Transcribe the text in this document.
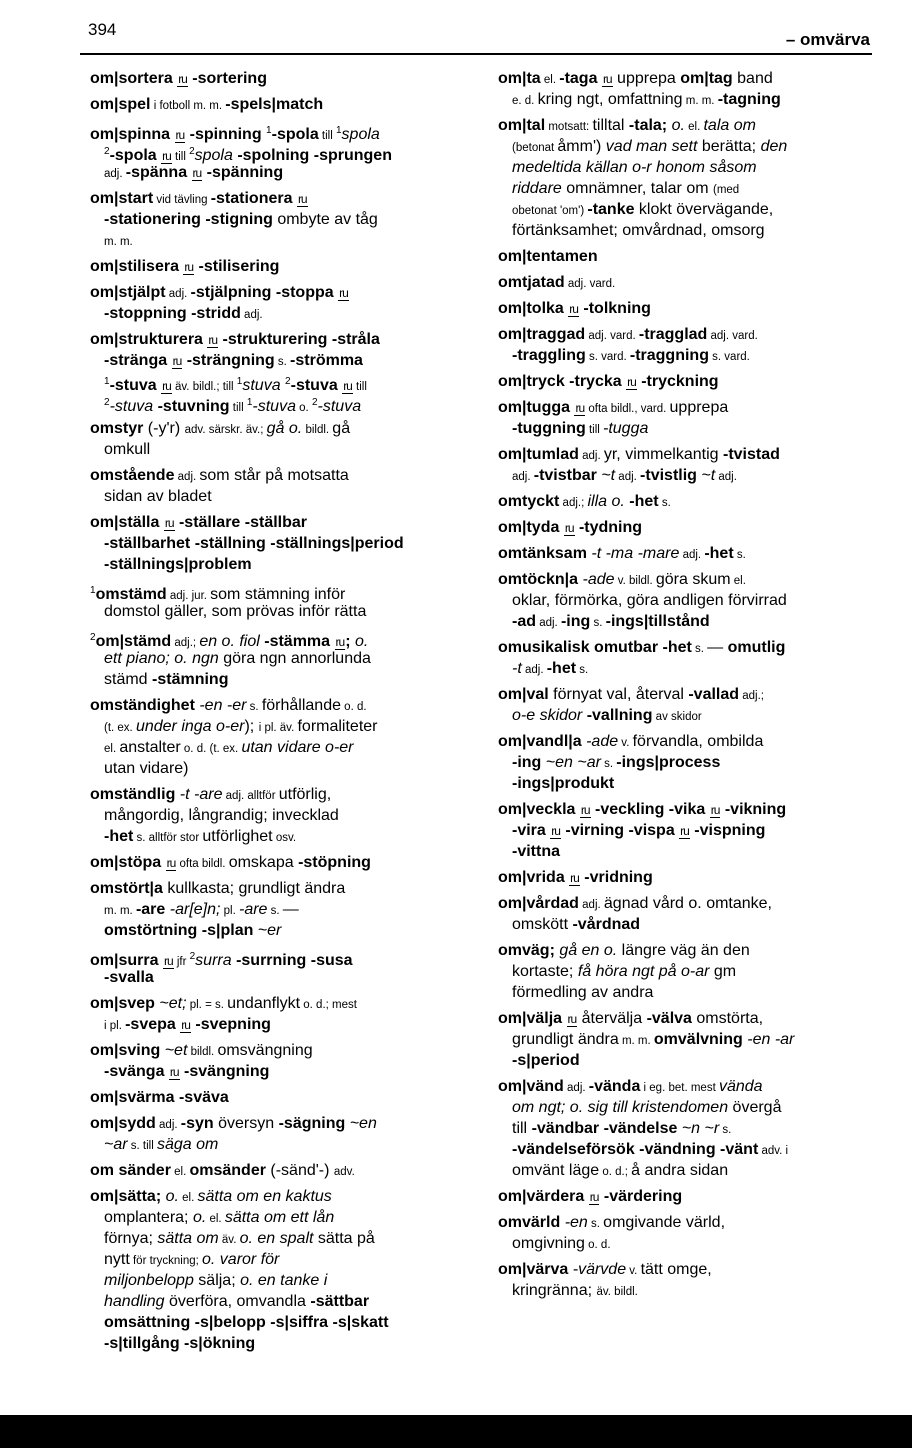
394
– omvärva
om|sortera ru -sortering
om|spel i fotboll m. m. -spels|match
om|spinna ru -spinning $^1$-spola till $^1$spola
$^2$-spola ru till $^2$spola -spolning -sprungen
adj. -spänna ru -spänning
om|start vid tävling -stationera ru
-stationering -stigning ombyte av tåg
m. m.
om|stilisera ru -stilisering
om|stjälpt adj. -stjälpning -stoppa ru
-stoppning -stridd adj.
om|strukturera ru -strukturering -stråla
-stränga ru -strängning s. -strömma
$^1$-stuva ru äv. bildl.; till $^1$stuva $^2$-stuva ru till
$^2$-stuva -stuvning till $^1$-stuva o. $^2$-stuva
omstyr (-y'r) adv. särskr. äv.; gå o. bildl. gå
omkull
omstående adj. som står på motsatta
sidan av bladet
om|ställa ru -ställare -ställbar
-ställbarhet -ställning -ställnings|period
-ställnings|problem
$^1$omstämd adj. jur. som stämning inför
domstol gäller, som prövas inför rätta
$^2$om|stämd adj.; en o. fiol -stämma ru; o.
ett piano; o. ngn göra ngn annorlunda
stämd -stämning
omständighet -en -er s. förhållande o. d.
(t. ex. under inga o-er); i pl. äv. formaliteter
el. anstalter o. d. (t. ex. utan vidare o-er
utan vidare)
omständlig -t -are adj. alltför utförlig,
mångordig, långrandig; invecklad
-het s. alltför stor utförlighet osv.
om|stöpa ru ofta bildl. omskapa -stöpning
omstört|a kullkasta; grundligt ändra
m. m. -are -ar[e]n; pl. -are s. —
omstörtning -s|plan ~er
om|surra ru jfr $^2$surra -surrning -susa
-svalla
om|svep ~et; pl. = s. undanflykt o. d.; mest
i pl. -svepa ru -svepning
om|sving ~et bildl. omsvängning
-svänga ru -svängning
om|svärma -sväva
om|sydd adj. -syn översyn -sägning ~en
~ar s. till säga om
om sänder el. omsänder (-sänd'-) adv.
om|sätta; o. el. sätta om en kaktus
omplantera; o. el. sätta om ett lån
förnya; sätta om äv. o. en spalt sätta på
nytt för tryckning; o. varor för
miljonbelopp sälja; o. en tanke i
handling överföra, omvandla -sättbar
omsättning -s|belopp -s|siffra -s|skatt
-s|tillgång -s|ökning
om|ta el. -taga ru upprepa om|tag band
e. d. kring ngt, omfattning m. m. -tagning
om|tal motsatt: tilltal -tala; o. el. tala om
(betonat åmm') vad man sett berätta; den
medeltida källan o-r honom såsom
riddare omnämner, talar om (med
obetonat 'om') -tanke klokt övervägande,
förtänksamhet; omvårdnad, omsorg
om|tentamen
omtjatad adj. vard.
om|tolka ru -tolkning
om|traggad adj. vard. -tragglad adj. vard.
-traggling s. vard. -traggning s. vard.
om|tryck -trycka ru -tryckning
om|tugga ru ofta bildl., vard. upprepa
-tuggning till -tugga
om|tumlad adj. yr, vimmelkantig -tvistad
adj. -tvistbar ~t adj. -tvistlig ~t adj.
omtyckt adj.; illa o. -het s.
om|tyda ru -tydning
omtänksam -t -ma -mare adj. -het s.
omtöckn|a -ade v. bildl. göra skum el.
oklar, förmörka, göra andligen förvirrad
-ad adj. -ing s. -ings|tillstånd
omusikalisk omutbar -het s. — omutlig
-t adj. -het s.
om|val förnyat val, återval -vallad adj.;
o-e skidor -vallning av skidor
om|vandl|a -ade v. förvandla, ombilda
-ing ~en ~ar s. -ings|process
-ings|produkt
om|veckla ru -veckling -vika ru -vikning
-vira ru -virning -vispa ru -vispning
-vittna
om|vrida ru -vridning
om|vårdad adj. ägnad vård o. omtanke,
omskött -vårdnad
omväg; gå en o. längre väg än den
kortaste; få höra ngt på o-ar gm
förmedling av andra
om|välja ru återvälja -välva omstörta,
grundligt ändra m. m. omvälvning -en -ar
-s|period
om|vänd adj. -vända i eg. bet. mest vända
om ngt; o. sig till kristendomen övergå
till -vändbar -vändelse ~n ~r s.
-vändelseförsök -vändning -vänt adv. i
omvänt läge o. d.; å andra sidan
om|värdera ru -värdering
omvärld -en s. omgivande värld,
omgivning o. d.
om|värva -värvde v. tätt omge,
kringränna; äv. bildl.
